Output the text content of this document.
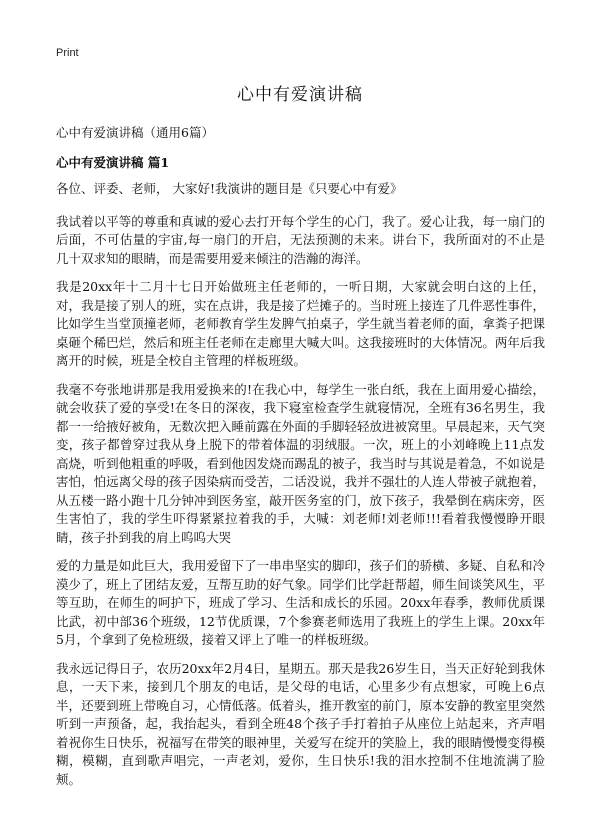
Print
心中有爱演讲稿
心中有爱演讲稿（通用6篇）
心中有爱演讲稿 篇1

各位、评委、老师， 大家好!我演讲的题目是《只要心中有爱》

我试着以平等的尊重和真诚的爱心去打开每个学生的心门，我了。爱心让我，每一扇门的后面，不可估量的宇宙,每一扇门的开启，无法预测的未来。讲台下，我所面对的不止是几十双求知的眼睛，而是需要用爱来倾注的浩瀚的海洋。

我是20xx年十二月十七日开始做班主任老师的，一听日期，大家就会明白这的上任，对，我是接了别人的班，实在点讲，我是接了烂摊子的。当时班上接连了几件恶性事件，比如学生当堂顶撞老师，老师教育学生发脾气拍桌子，学生就当着老师的面，拿粪子把课桌砸个稀巴烂，然后和班主任老师在走廊里大喊大叫。这我接班时的大体情况。两年后我离开的时候，班是全校自主管理的样板班级。

我毫不夸张地讲那是我用爱换来的!在我心中，每学生一张白纸，我在上面用爱心描绘，就会收获了爱的享受!在冬日的深夜，我下寝室检查学生就寝情况，全班有36名男生，我都一一给掖好被角，无数次把入睡前露在外面的手脚轻轻放进被窝里。早晨起来，天气突变，孩子都曾穿过我从身上脱下的带着体温的羽绒服。一次，班上的小刘峰晚上11点发高烧，听到他粗重的呼吸，看到他因发烧而踢乱的被子，我当时与其说是着急，不如说是害怕，怕远离父母的孩子因染病而受苦，二话没说，我并不强壮的人连人带被子就抱着，从五楼一路小跑十几分钟冲到医务室，敲开医务室的门，放下孩子，我晕倒在病床旁，医生害怕了，我的学生吓得紧紧拉着我的手，大喊：刘老师!刘老师!!!看着我慢慢睁开眼睛，孩子扑到我的肩上呜呜大哭

爱的力量是如此巨大，我用爱留下了一串串坚实的脚印，孩子们的骄横、多疑、自私和冷漠少了，班上了团结友爱，互帮互助的好气象。同学们比学赶帮超，师生间谈笑风生，平等互助，在师生的呵护下，班成了学习、生活和成长的乐园。20xx年春季，教师优质课比武，初中部36个班级，12节优质课，7个参赛老师选用了我班上的学生上课。20xx年5月，个拿到了免检班级，接着又评上了唯一的样板班级。

我永远记得日子，农历20xx年2月4日，星期五。那天是我26岁生日，当天正好轮到我休息，一天下来，接到几个朋友的电话，是父母的电话，心里多少有点想家，可晚上6点半，还要到班上带晚自习，心情低落。低着头，推开教室的前门，原本安静的教室里突然听到一声预备，起，我抬起头，看到全班48个孩子手打着拍子从座位上站起来，齐声唱着祝你生日快乐，祝福写在带笑的眼神里，关爱写在绽开的笑脸上，我的眼睛慢慢变得模糊，模糊，直到歌声唱完，一声老刘，爱你，生日快乐!我的泪水控制不住地流满了脸颊。
